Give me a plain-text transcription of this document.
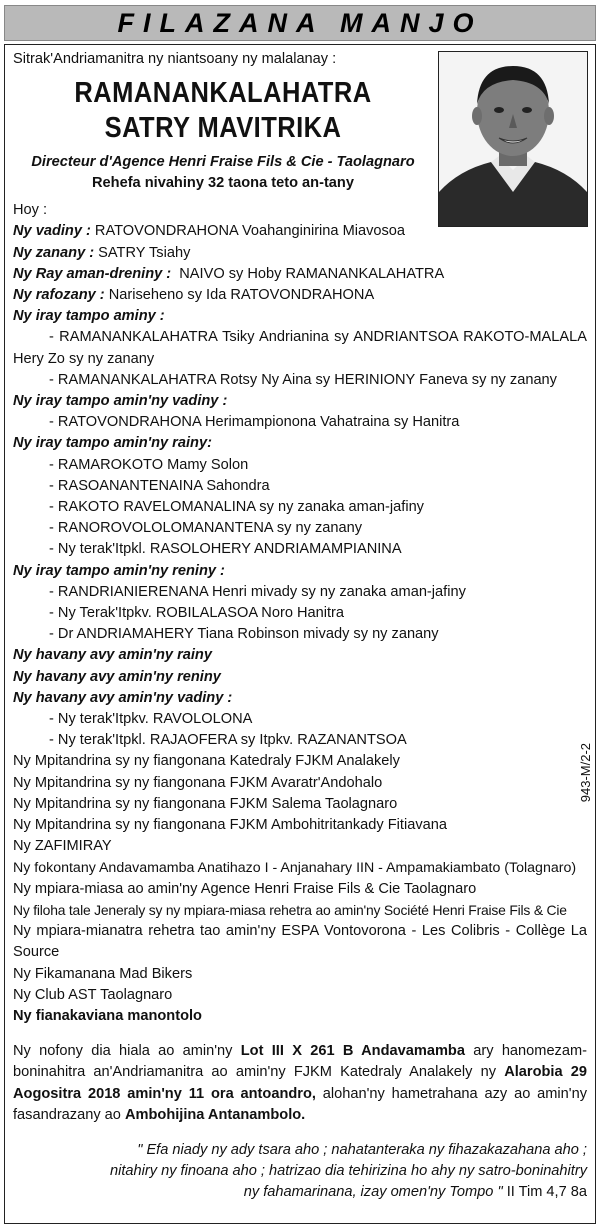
FILAZANA MANJO
Sitrak'Andriamanitra ny niantsoany ny malalanay :
RAMANANKALAHATRA
SATRY MAVITRIKA
Directeur d'Agence Henri Fraise Fils & Cie - Taolagnaro
Rehefa nivahiny 32 taona teto an-tany
Hoy :
Ny vadiny : RATOVONDRAHONA Voahanginirina Miavosoa
Ny zanany : SATRY Tsiahy
Ny Ray aman-dreniny : NAIVO sy Hoby RAMANANKALAHATRA
Ny rafozany : Nariseheno sy Ida RATOVONDRAHONA
Ny iray tampo aminy :
- RAMANANKALAHATRA Tsiky Andrianina sy ANDRIANTSOA RAKOTO-MALALA Hery Zo sy ny zanany
- RAMANANKALAHATRA Rotsy Ny Aina sy HERINIONY Faneva sy ny zanany
Ny iray tampo amin'ny vadiny :
- RATOVONDRAHONA Herimampionona Vahatraina sy Hanitra
Ny iray tampo amin'ny rainy:
- RAMAROKOTO Mamy Solon
- RASOANANTENAINA Sahondra
- RAKOTO RAVELOMANALINA sy ny zanaka aman-jafiny
- RANOROVOLOLOMANANTENA sy ny zanany
- Ny terak'Itpkl. RASOLOHERY ANDRIAMAMPIANINA
Ny iray tampo amin'ny reniny :
- RANDRIANIERENANA Henri mivady sy ny zanaka aman-jafiny
- Ny Terak'Itpkv. ROBILALASOA Noro Hanitra
- Dr ANDRIAMAHERY Tiana Robinson mivady sy ny zanany
Ny havany avy amin'ny rainy
Ny havany avy amin'ny reniny
Ny havany avy amin'ny vadiny :
- Ny terak'Itpkv. RAVOLOLONA
- Ny terak'Itpkl. RAJAOFERA sy Itpkv. RAZANANTSOA
Ny Mpitandrina sy ny fiangonana Katedraly FJKM Analakely
Ny Mpitandrina sy ny fiangonana FJKM Avaratr'Andohalo
Ny Mpitandrina sy ny fiangonana FJKM Salema Taolagnaro
Ny Mpitandrina sy ny fiangonana FJKM Ambohitritankady Fitiavana
Ny ZAFIMIRAY
Ny fokontany Andavamamba Anatihazo I - Anjanahary IIN - Ampamakiambato (Tolagnaro)
Ny mpiara-miasa ao amin'ny Agence Henri Fraise Fils & Cie Taolagnaro
Ny filoha tale Jeneraly sy ny mpiara-miasa rehetra ao amin'ny Société Henri Fraise Fils & Cie
Ny mpiara-mianatra rehetra tao amin'ny ESPA Vontovorona - Les Colibris - Collège La Source
Ny Fikamanana Mad Bikers
Ny Club AST Taolagnaro
Ny fianakaviana manontolo
Ny nofony dia hiala ao amin'ny Lot III X 261 B Andavamamba ary hanomezam-boninahitra an'Andriamanitra ao amin'ny FJKM Katedraly Analakely ny Alarobia 29 Aogositra 2018 amin'ny 11 ora antoandro, alohan'ny hametrahana azy ao amin'ny fasandrazany ao Ambohijina Antanambolo.
" Efa niady ny ady tsara aho ; nahatanteraka ny fihazakazahana aho ;
nitahiry ny finoana aho ; hatrizao dia tehirizina ho ahy ny satro-boninahitry
ny fahamarinana, izay omen'ny Tompo " II Tim 4,7 8a
943-M/2-2
